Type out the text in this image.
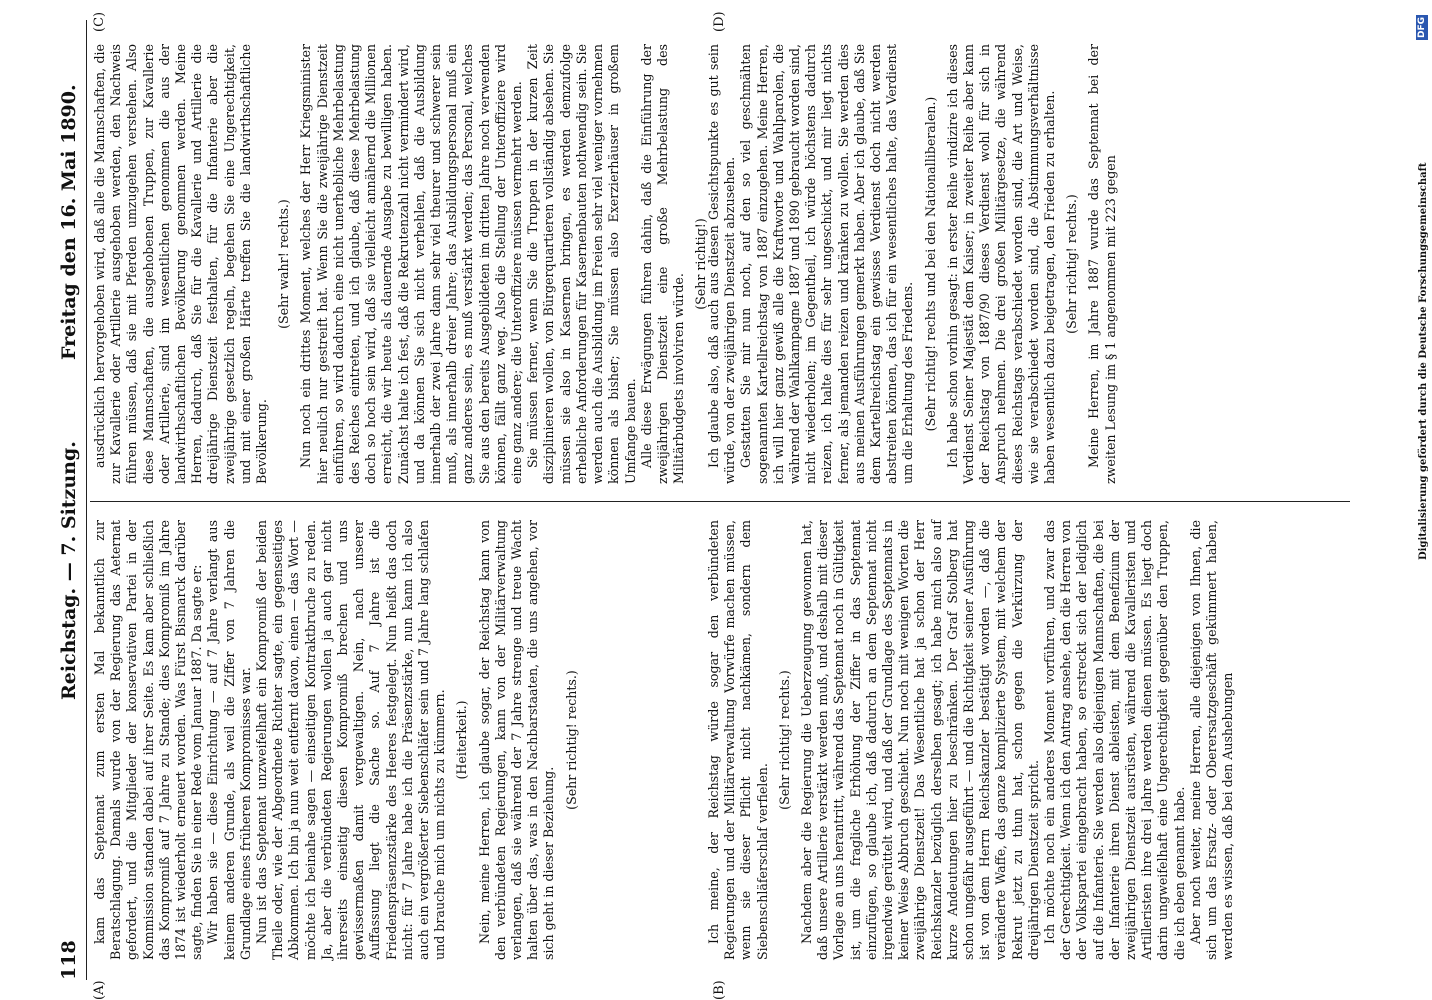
118
Reichstag. — 7. Sitzung.
Freitag den 16. Mai 1890.
(A)	(B)
(C)	(D)

kam das Septennat zum ersten Mal bekanntlich zur Beratschlagung. Damals wurde von der Regierung das Aeternat gefordert, und die Mitglieder der konservativen Partei in der Kommission standen dabei auf ihrer Seite. Es kam aber schließlich das Kompromiß auf 7 Jahre zu Stande; dies Kompromiß im Jahre 1874 ist wiederholt erneuert worden. Was Fürst Bismarck darüber sagte, finden Sie in einer Rede vom Januar 1887. Da sagte er: Wir haben sie — diese Einrichtung — auf 7 Jahre verlangt aus keinem anderen Grunde, als weil die Ziffer von 7 Jahren die Grundlage eines früheren Kompromisses war. Nun ist das Septennat unzweifelhaft ein Kompromiß der beiden Theile oder, wie der Abgeordnete Richter sagte, ein gegenseitiges Abkommen. Ich bin ja nun weit entfernt davon, einen — das Wort — möchte ich beinahe sagen — einseitigen Kontraktbruche zu reden. Ja, aber die verbündeten Regierungen wollen ja auch gar nicht ihrerseits einseitig diesen Kompromiß brechen und uns gewissermaßen damit vergewaltigen. Nein, nach unserer Auffassung liegt die Sache so. Auf 7 Jahre ist die Friedenspräsenzstärke des Heeres festgelegt. Nun heißt das doch nicht: für 7 Jahre habe ich die Präsenzstärke, nun kann ich also auch ein vergrößerter Siebenschläfer sein und 7 Jahre lang schlafen und brauche mich um nichts zu kümmern. (Heiterkeit.) Nein, meine Herren, ich glaube sogar, der Reichstag kann von den verbündeten Regierungen, kann von der Militärverwaltung verlangen, daß sie während der 7 Jahre strenge und treue Wacht halten über das, was in den Nachbarstaaten, die uns angehen, vor sich geht in dieser Beziehung.

(Sehr richtig! rechts.)	Ich meine, der Reichstag würde sogar den verbündeten Regierungen und der Militärverwaltung Vorwürfe machen müssen, wenn sie dieser Pflicht nicht nachkämen, sondern dem Siebenschläferschlaf verfielen.

(Sehr richtig! rechts.) Nachdem aber die Regierung die Ueberzeugung gewonnen hat, daß unsere Artillerie verstärkt werden muß, und deshalb mit dieser Vorlage an uns herantritt, während das Septennat noch in Gültigkeit ist, um die fragliche Erhöhung der Ziffer in das Septennat einzufügen, so glaube ich, daß dadurch an dem Septennat nicht irgendwie gerüttelt wird, und daß der Grundlage des Septennats in keiner Weise Abbruch geschieht. Nun noch mit wenigen Worten die zweijährige Dienstzeit! Das Wesentliche hat ja schon der Herr Reichskanzler bezüglich derselben gesagt; ich habe mich also auf kurze Andeutungen hier zu beschränken. Der Graf Stolberg hat schon ungefähr ausgeführt — und die Richtigkeit seiner Ausführung ist von dem Herrn Reichskanzler bestätigt worden —, daß die veränderte Waffe, das ganze komplizierte System, mit welchem der Rekrut jetzt zu thun hat, schon gegen die Verkürzung der dreijährigen Dienstzeit spricht. Ich möchte noch ein anderes Moment vorführen, und zwar das der Gerechtigkeit. Wenn ich den Antrag ansehe, den die Herren von der Volkspartei eingebracht haben, so erstreckt sich der lediglich auf die Infanterie. Sie werden also diejenigen Mannschaften, die bei der Infanterie ihren Dienst ableisten, mit dem Benefizium der zweijährigen Dienstzeit ausrüsten, während die Kavalleristen und Artilleristen ihre drei Jahre werden dienen müssen. Es liegt doch darin ungweifelhaft eine Ungerechtigkeit gegenüber den Truppen, die ich eben genannt habe. Aber noch weiter, meine Herren, alle diejenigen von Ihnen, die sich um das Ersatz- oder Oberersatzgeschäft gekümmert haben, werden es wissen, daß bei den Aushebungen

ausdrücklich hervorgehoben wird, daß alle die Mannschaften, die zur Kavallerie oder Artillerie ausgehoben werden, den Nachweis führen müssen, daß sie mit Pferden umzugehen verstehen. Also diese Mannschaften, die ausgehobenen Truppen, zur Kavallerie oder Artillerie, sind im wesentlichen genommen die aus der landwirthschaftlichen Bevölkerung genommen werden. Meine Herren, dadurch, daß Sie für die Kavallerie und Artillerie die dreijährige Dienstzeit festhalten, für die Infanterie aber die zweijährige gesetzlich regeln, begehen Sie eine Ungerechtigkeit, und mit einer großen Härte treffen Sie die landwirthschaftliche Bevölkerung.

(Sehr wahr! rechts.) Nun noch ein drittes Moment, welches der Herr Kriegsminister hier neulich nur gestreift hat. Wenn Sie die zweijährige Dienstzeit einführen, so wird dadurch eine nicht unerhebliche Mehrbelastung des Reiches eintreten, und ich glaube, daß diese Mehrbelastung doch so hoch sein wird, daß sie vielleicht annähernd die Millionen erreicht, die wir heute als dauernde Ausgabe zu bewilligen haben. Zunächst halte ich fest, daß die Rekrutenzahl nicht vermindert wird, und da können Sie sich nicht verhehlen, daß die Ausbildung innerhalb der zwei Jahre dann sehr viel theurer und schwerer sein muß, als innerhalb dreier Jahre; das Ausbildungspersonal muß ein ganz anderes sein, es muß verstärkt werden; das Personal, welches Sie aus den bereits Ausgebildeten im dritten Jahre noch verwenden können, fällt ganz weg. Also die Stellung der Unteroffiziere wird eine ganz andere; die Unteroffiziere müssen vermehrt werden. Sie müssen ferner, wenn Sie die Truppen in der kurzen Zeit disziplinieren wollen, von Bürgerquartieren vollständig absehen. Sie müssen sie also in Kasernen bringen, es werden demzufolge erhebliche Anforderungen für Kasernenbauten nothwendig sein. Sie werden auch die Ausbildung im Freien sehr viel weniger vornehmen können als bisher; Sie müssen also Exerzierhäuser in großem Umfange bauen. Alle diese Erwägungen führen dahin, daß die Einführung der zweijährigen Dienstzeit eine große Mehrbelastung des Militärbudgets involviren würde.

(Sehr richtig!)

Ich glaube also, daß auch aus diesen Gesichtspunkte es gut sein würde, von der zweijährigen Dienstzeit abzusehen. Gestatten Sie mir nun noch, auf den so viel geschmähten sogenannten Kartellreichstag von 1887 einzugehen. Meine Herren, ich will hier ganz gewiß alle die Kraftworte und Wahlparolen, die während der Wahlkampagne 1887 und 1890 gebraucht worden sind, nicht wiederholen; im Gegentheil, ich würde höchstens dadurch reizen, ich halte dies für sehr ungeschickt, und mir liegt nichts ferner, als jemanden reizen und kränken zu wollen. Sie werden dies aus meinen Ausführungen gemerkt haben. Aber ich glaube, daß Sie dem Kartellreichstag ein gewisses Verdienst doch nicht werden abstreiten können, das ich für ein wesentliches halte, das Verdienst um die Erhaltung des Friedens. (Sehr richtig! rechts und bei den Nationalliberalen.) Ich habe schon vorhin gesagt: in erster Reihe vindizire ich dieses Verdienst Seiner Majestät dem Kaiser; in zweiter Reihe aber kann der Reichstag von 1887/90 dieses Verdienst wohl für sich in Anspruch nehmen. Die drei großen Militärgesetze, die während dieses Reichstags verabschiedet worden sind, die Art und Weise, wie sie verabschiedet worden sind, die Abstimmungsverhältnisse haben wesentlich dazu beigetragen, den Frieden zu erhalten. (Sehr richtig! rechts.) Meine Herren, im Jahre 1887 wurde das Septennat bei der zweiten Lesung im § 1 angenommen mit 223 gegen

DFG
Digitalisierung gefördert durch die Deutsche Forschungsgemeinschaft
